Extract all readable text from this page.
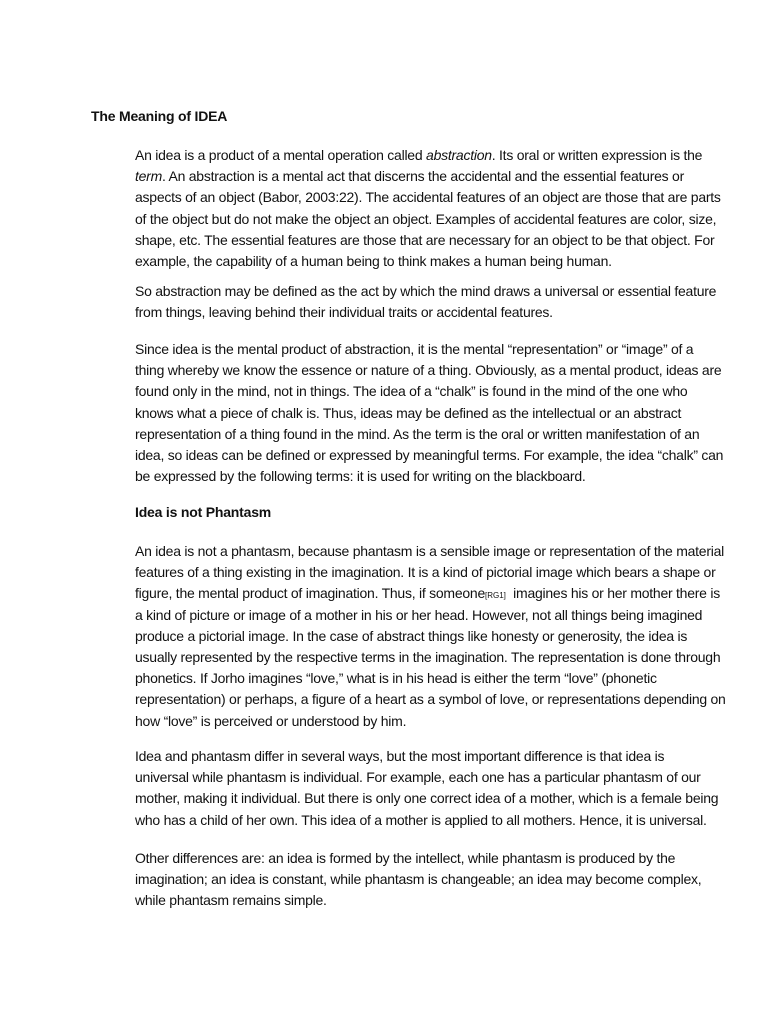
The Meaning of IDEA
An idea is a product of a mental operation called abstraction. Its oral or written expression is the
term. An abstraction is a mental act that discerns the accidental and the essential features or
aspects of an object (Babor, 2003:22). The accidental features of an object are those that are parts
of the object but do not make the object an object. Examples of accidental features are color, size,
shape, etc. The essential features are those that are necessary for an object to be that object. For
example, the capability of a human being to think makes a human being human.
So abstraction may be defined as the act by which the mind draws a universal or essential feature
from things, leaving behind their individual traits or accidental features.
Since idea is the mental product of abstraction, it is the mental “representation” or “image” of a
thing whereby we know the essence or nature of a thing. Obviously, as a mental product, ideas are
found only in the mind, not in things. The idea of a “chalk” is found in the mind of the one who
knows what a piece of chalk is. Thus, ideas may be defined as the intellectual or an abstract
representation of a thing found in the mind. As the term is the oral or written manifestation of an
idea, so ideas can be defined or expressed by meaningful terms. For example, the idea “chalk” can
be expressed by the following terms: it is used for writing on the blackboard.
Idea is not Phantasm
An idea is not a phantasm, because phantasm is a sensible image or representation of the material
features of a thing existing in the imagination. It is a kind of pictorial image which bears a shape or
figure, the mental product of imagination. Thus, if someone[RG1]  imagines his or her mother there is
a kind of picture or image of a mother in his or her head. However, not all things being imagined
produce a pictorial image. In the case of abstract things like honesty or generosity, the idea is
usually represented by the respective terms in the imagination. The representation is done through
phonetics. If Jorho imagines “love,” what is in his head is either the term “love” (phonetic
representation) or perhaps, a figure of a heart as a symbol of love, or representations depending on
how “love” is perceived or understood by him.
Idea and phantasm differ in several ways, but the most important difference is that idea is
universal while phantasm is individual. For example, each one has a particular phantasm of our
mother, making it individual. But there is only one correct idea of a mother, which is a female being
who has a child of her own. This idea of a mother is applied to all mothers. Hence, it is universal.
Other differences are: an idea is formed by the intellect, while phantasm is produced by the
imagination; an idea is constant, while phantasm is changeable; an idea may become complex,
while phantasm remains simple.
